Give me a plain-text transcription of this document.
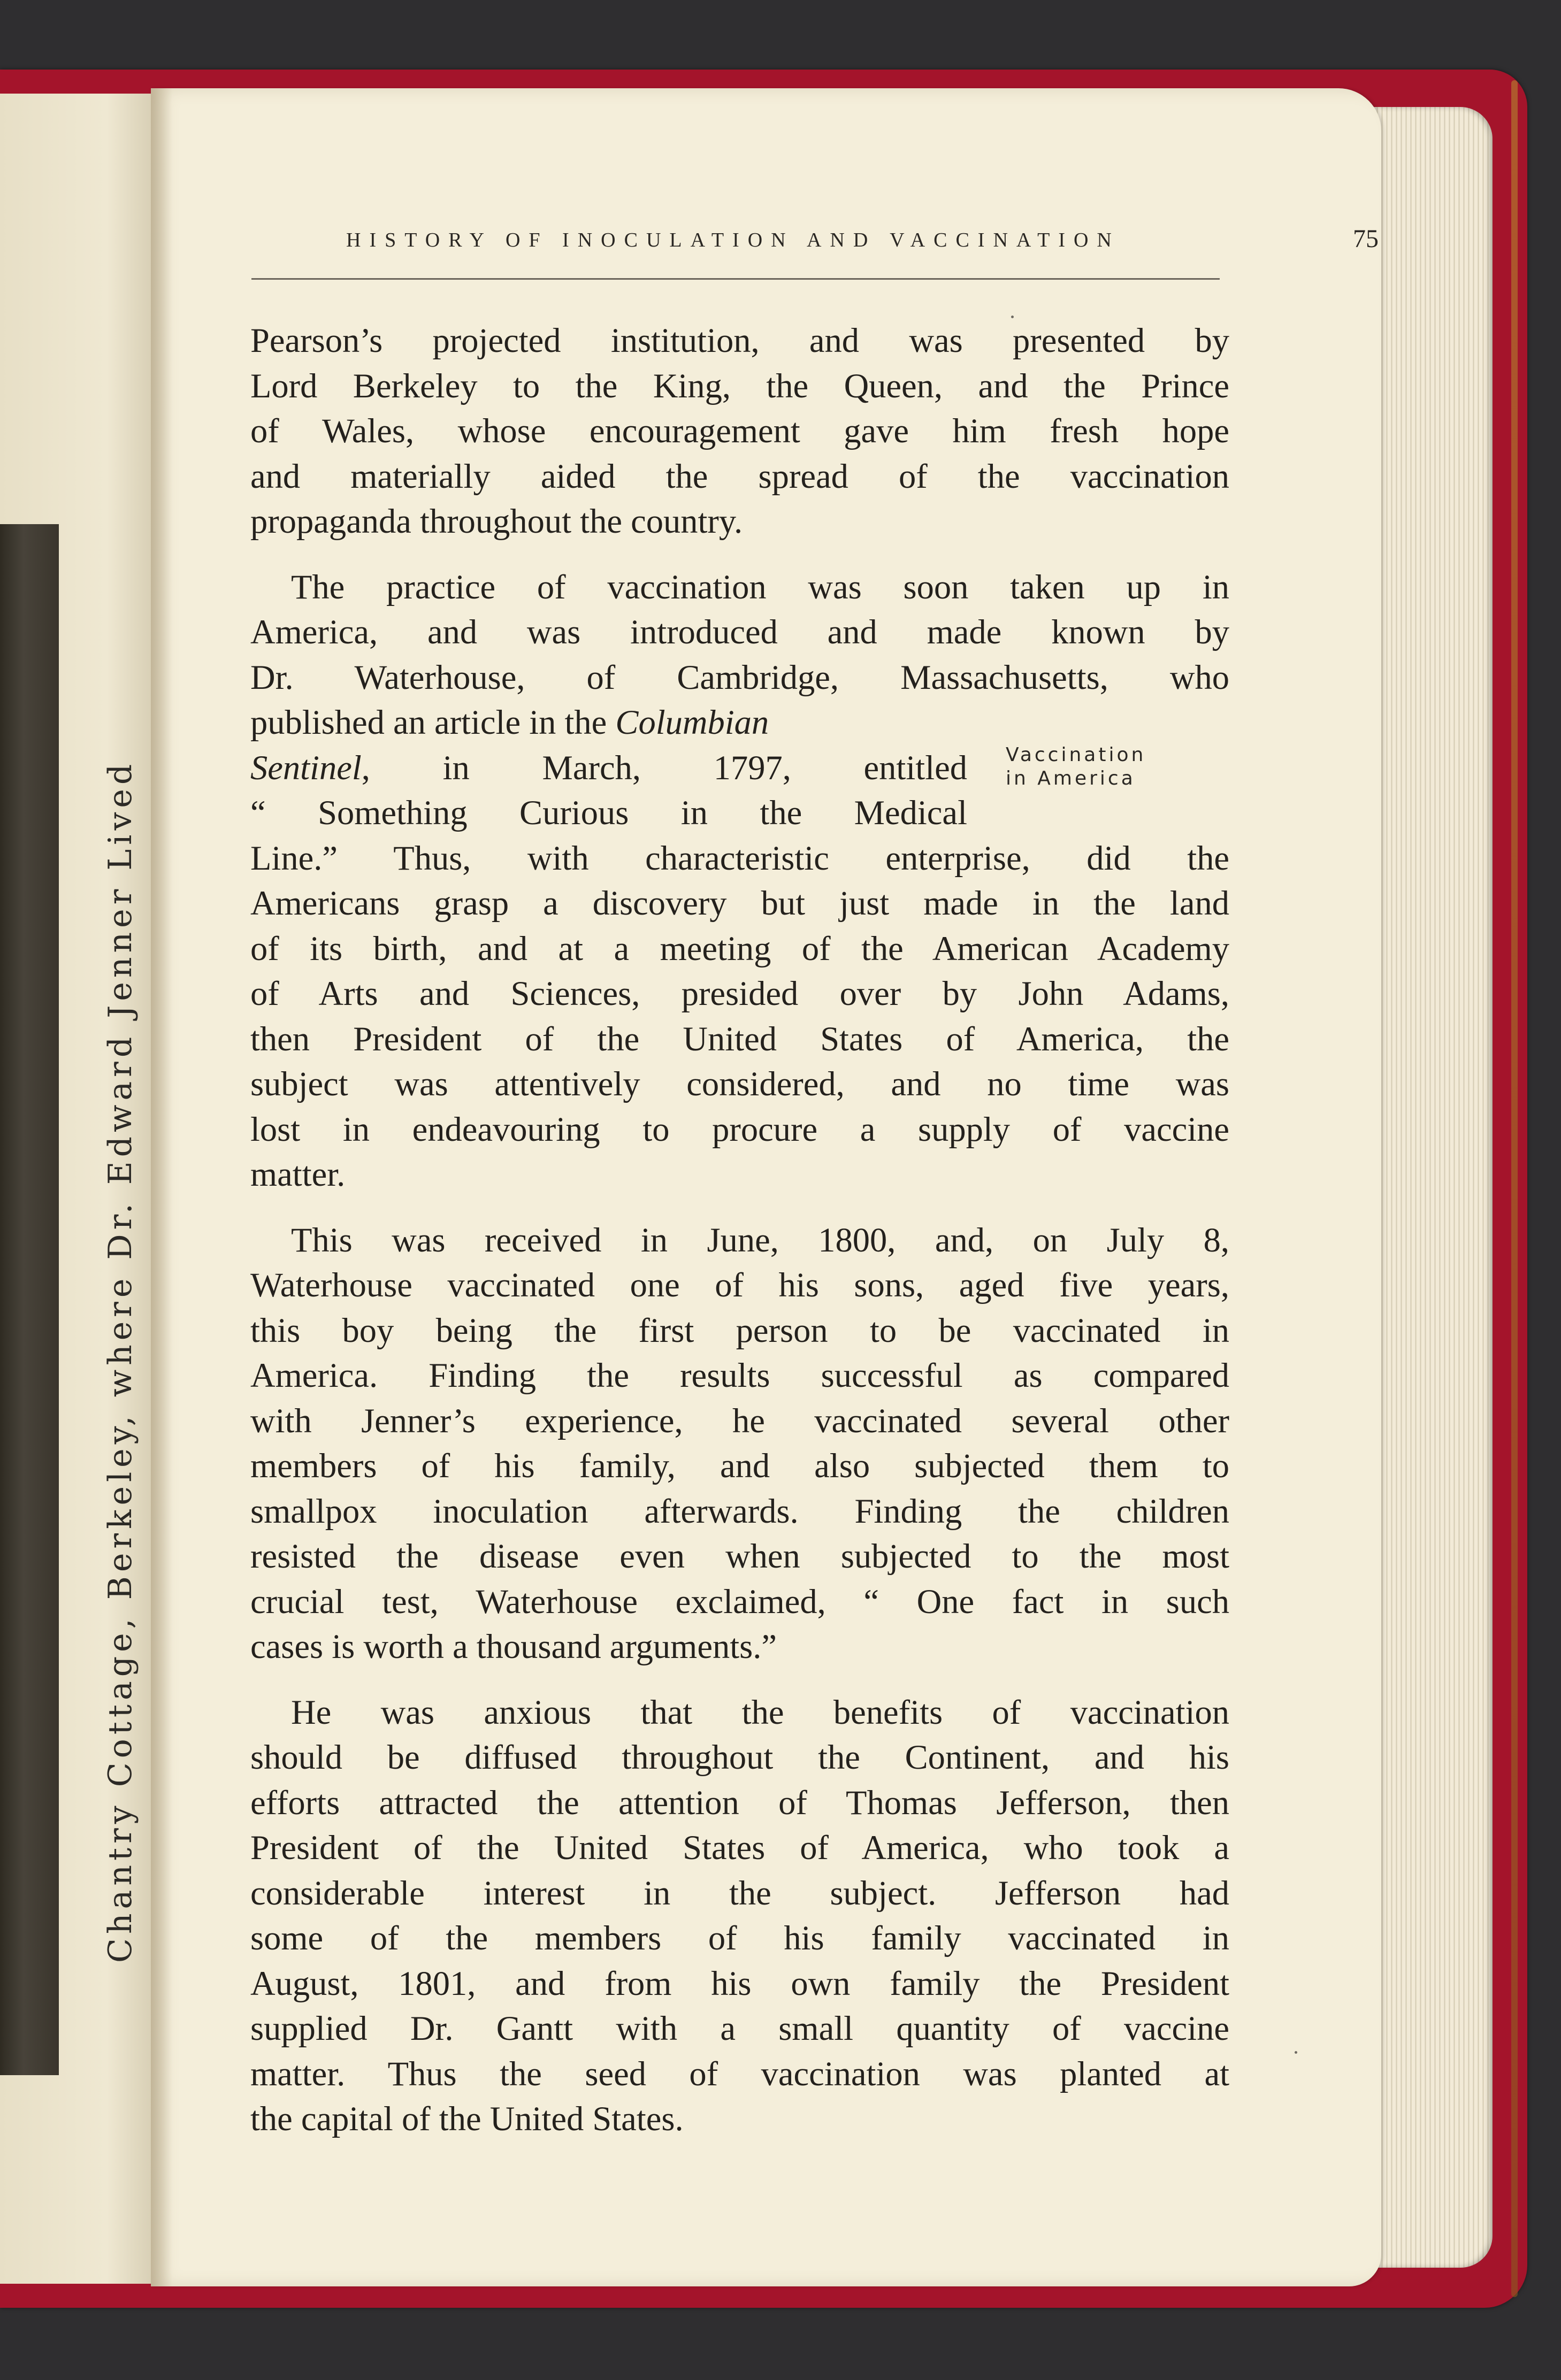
Chantry Cottage, Berkeley, where Dr. Edward Jenner Lived
HISTORY OF INOCULATION AND VACCINATION	75

Pearson’s projected institution, and was presented by
Lord Berkeley to the King, the Queen, and the Prince
of Wales, whose encouragement gave him fresh hope
and materially aided the spread of the vaccination
propaganda throughout the country.

The practice of vaccination was soon taken up in
America, and was introduced and made known by
Dr. Waterhouse, of Cambridge, Massachusetts, who
published an article in the Columbian
Sentinel, in March, 1797, entitled
“ Something Curious in the Medical
Line.” Thus, with characteristic enterprise, did the
Americans grasp a discovery but just made in the land
of its birth, and at a meeting of the American Academy
of Arts and Sciences, presided over by John Adams,
then President of the United States of America, the
subject was attentively considered, and no time was
lost in endeavouring to procure a supply of vaccine
matter.

This was received in June, 1800, and, on July 8,
Waterhouse vaccinated one of his sons, aged five years,
this boy being the first person to be vaccinated in
America. Finding the results successful as compared
with Jenner’s experience, he vaccinated several other
members of his family, and also subjected them to
smallpox inoculation afterwards. Finding the children
resisted the disease even when subjected to the most
crucial test, Waterhouse exclaimed, “ One fact in such
cases is worth a thousand arguments.”

He was anxious that the benefits of vaccination
should be diffused throughout the Continent, and his
efforts attracted the attention of Thomas Jefferson, then
President of the United States of America, who took a
considerable interest in the subject. Jefferson had
some of the members of his family vaccinated in
August, 1801, and from his own family the President
supplied Dr. Gantt with a small quantity of vaccine
matter. Thus the seed of vaccination was planted at
the capital of the United States.

Vaccination
in America
